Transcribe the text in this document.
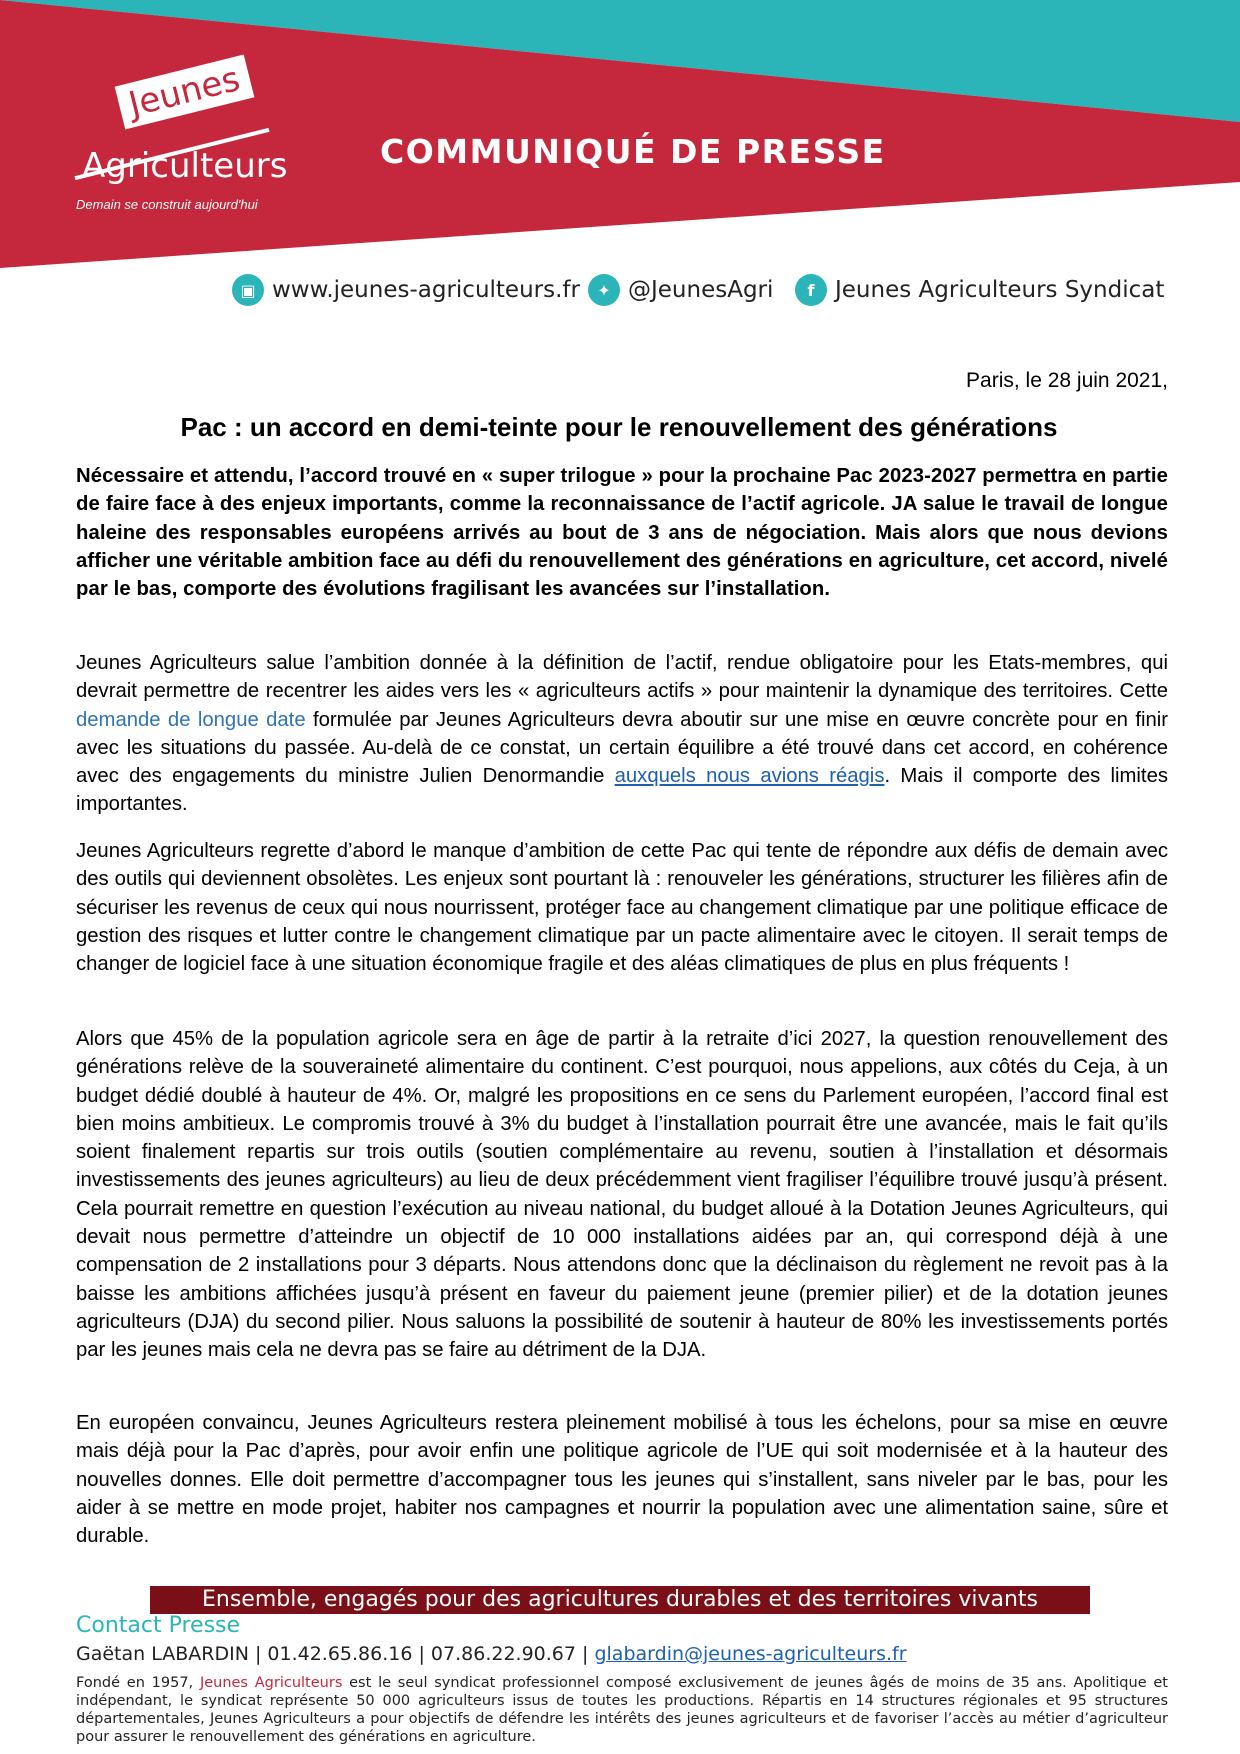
Jeunes
Agriculteurs
Demain se construit aujourd'hui
COMMUNIQUÉ DE PRESSE
▣ www.jeunes-agriculteurs.fr	✦ @JeunesAgri	f Jeunes Agriculteurs Syndicat
Paris, le 28 juin 2021,
Pac : un accord en demi-teinte pour le renouvellement des générations

Nécessaire et attendu, l’accord trouvé en « super trilogue » pour la prochaine Pac 2023-2027 permettra en partie de faire face à des enjeux importants, comme la reconnaissance de l’actif agricole. JA salue le travail de longue haleine des responsables européens arrivés au bout de 3 ans de négociation. Mais alors que nous devions afficher une véritable ambition face au défi du renouvellement des générations en agriculture, cet accord, nivelé par le bas, comporte des évolutions fragilisant les avancées sur l’installation.

Jeunes Agriculteurs salue l’ambition donnée à la définition de l’actif, rendue obligatoire pour les Etats-membres, qui devrait permettre de recentrer les aides vers les « agriculteurs actifs » pour maintenir la dynamique des territoires. Cette demande de longue date formulée par Jeunes Agriculteurs devra aboutir sur une mise en œuvre concrète pour en finir avec les situations du passée. Au-delà de ce constat, un certain équilibre a été trouvé dans cet accord, en cohérence avec des engagements du ministre Julien Denormandie auxquels nous avions réagis. Mais il comporte des limites importantes.

Jeunes Agriculteurs regrette d’abord le manque d’ambition de cette Pac qui tente de répondre aux défis de demain avec des outils qui deviennent obsolètes. Les enjeux sont pourtant là : renouveler les générations, structurer les filières afin de sécuriser les revenus de ceux qui nous nourrissent, protéger face au changement climatique par une politique efficace de gestion des risques et lutter contre le changement climatique par un pacte alimentaire avec le citoyen. Il serait temps de changer de logiciel face à une situation économique fragile et des aléas climatiques de plus en plus fréquents !

Alors que 45% de la population agricole sera en âge de partir à la retraite d’ici 2027, la question renouvellement des générations relève de la souveraineté alimentaire du continent. C’est pourquoi, nous appelions, aux côtés du Ceja, à un budget dédié doublé à hauteur de 4%. Or, malgré les propositions en ce sens du Parlement européen, l’accord final est bien moins ambitieux. Le compromis trouvé à 3% du budget à l’installation pourrait être une avancée, mais le fait qu’ils soient finalement repartis sur trois outils (soutien complémentaire au revenu, soutien à l’installation et désormais investissements des jeunes agriculteurs) au lieu de deux précédemment vient fragiliser l’équilibre trouvé jusqu’à présent. Cela pourrait remettre en question l’exécution au niveau national, du budget alloué à la Dotation Jeunes Agriculteurs, qui devait nous permettre d’atteindre un objectif de 10 000 installations aidées par an, qui correspond déjà à une compensation de 2 installations pour 3 départs. Nous attendons donc que la déclinaison du règlement ne revoit pas à la baisse les ambitions affichées jusqu’à présent en faveur du paiement jeune (premier pilier) et de la dotation jeunes agriculteurs (DJA) du second pilier. Nous saluons la possibilité de soutenir à hauteur de 80% les investissements portés par les jeunes mais cela ne devra pas se faire au détriment de la DJA.

En européen convaincu, Jeunes Agriculteurs restera pleinement mobilisé à tous les échelons, pour sa mise en œuvre mais déjà pour la Pac d’après, pour avoir enfin une politique agricole de l’UE qui soit modernisée et à la hauteur des nouvelles donnes. Elle doit permettre d’accompagner tous les jeunes qui s’installent, sans niveler par le bas, pour les aider à se mettre en mode projet, habiter nos campagnes et nourrir la population avec une alimentation saine, sûre et durable.

Ensemble, engagés pour des agricultures durables et des territoires vivants
Contact Presse
Gaëtan LABARDIN | 01.42.65.86.16 | 07.86.22.90.67 | glabardin@jeunes-agriculteurs.fr
Fondé en 1957, Jeunes Agriculteurs est le seul syndicat professionnel composé exclusivement de jeunes âgés de moins de 35 ans. Apolitique et indépendant, le syndicat représente 50 000 agriculteurs issus de toutes les productions. Répartis en 14 structures régionales et 95 structures départementales, Jeunes Agriculteurs a pour objectifs de défendre les intérêts des jeunes agriculteurs et de favoriser l’accès au métier d’agriculteur pour assurer le renouvellement des générations en agriculture.
